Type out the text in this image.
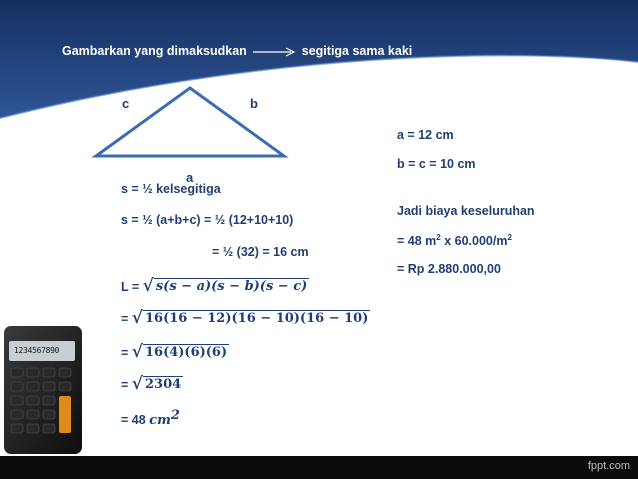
Gambarkan yang dimaksudkan	segitiga sama kaki
c	b
a
a = 12 cm
b = c = 10 cm
s = ½ kelsegitiga
s = ½ (a+b+c) = ½ (12+10+10)
= ½ (32) = 16 cm
L = √ s(s − a)(s − b)(s − c)
= √ 16(16 − 12)(16 − 10)(16 − 10)
= √ 16(4)(6)(6)
= √ 2304
= 48 $cm^2$
Jadi biaya keseluruhan
= 48 $m^2$ x $60.000/m^2$
= Rp 2.880.000,00
1234567890
fppt.com
